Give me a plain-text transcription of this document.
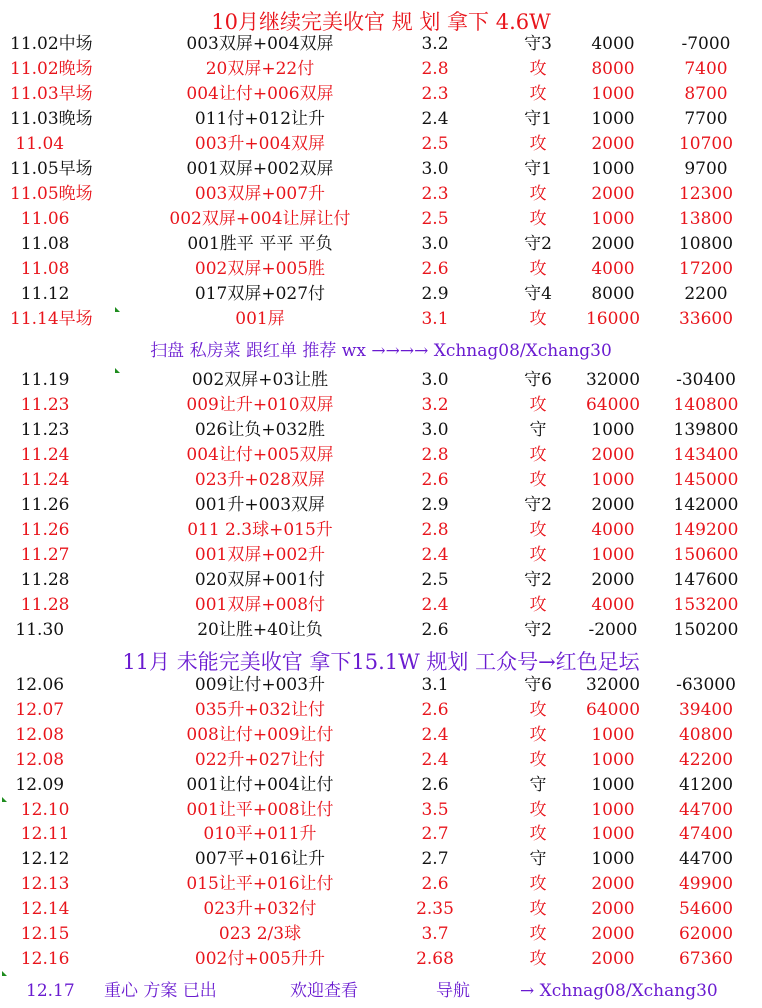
10月继续完美收官 规 划 拿下 4.6W
11.02中场	003双屏+004双屏	3.2	守3	4000	-7000
11.02晚场	20双屏+22付	2.8	攻	8000	7400
11.03早场	004让付+006双屏	2.3	攻	1000	8700
11.03晚场	011付+012让升	2.4	守1	1000	7700
11.04	003升+004双屏	2.5	攻	2000	10700
11.05早场	001双屏+002双屏	3.0	守1	1000	9700
11.05晚场	003双屏+007升	2.3	攻	2000	12300
11.06	002双屏+004让屏让付	2.5	攻	1000	13800
11.08	001胜平 平平 平负	3.0	守2	2000	10800
11.08	002双屏+005胜	2.6	攻	4000	17200
11.12	017双屏+027付	2.9	守4	8000	2200
11.14早场	001屏	3.1	攻	16000	33600
扫盘 私房菜 跟红单 推荐 wx →→→→ Xchnag08/Xchang30
11.19	002双屏+03让胜	3.0	守6	32000	-30400
11.23	009让升+010双屏	3.2	攻	64000	140800
11.23	026让负+032胜	3.0	守	1000	139800
11.24	004让付+005双屏	2.8	攻	2000	143400
11.24	023升+028双屏	2.6	攻	1000	145000
11.26	001升+003双屏	2.9	守2	2000	142000
11.26	011 2.3球+015升	2.8	攻	4000	149200
11.27	001双屏+002升	2.4	攻	1000	150600
11.28	020双屏+001付	2.5	守2	2000	147600
11.28	001双屏+008付	2.4	攻	4000	153200
11.30	20让胜+40让负	2.6	守2	-2000	150200
11月 未能完美收官 拿下15.1W 规划 工众号→红色足坛
12.06	009让付+003升	3.1	守6	32000	-63000
12.07	035升+032让付	2.6	攻	64000	39400
12.08	008让付+009让付	2.4	攻	1000	40800
12.08	022升+027让付	2.4	攻	1000	42200
12.09	001让付+004让付	2.6	守	1000	41200
12.10	001让平+008让付	3.5	攻	1000	44700
12.11	010平+011升	2.7	攻	1000	47400
12.12	007平+016让升	2.7	守	1000	44700
12.13	015让平+016让付	2.6	攻	2000	49900
12.14	023升+032付	2.35	攻	2000	54600
12.15	023 2/3球	3.7	攻	2000	62000
12.16	002付+005升升	2.68	攻	2000	67360
12.17 重心 方案 已出	欢迎查看	导航	→ Xchnag08/Xchang30
